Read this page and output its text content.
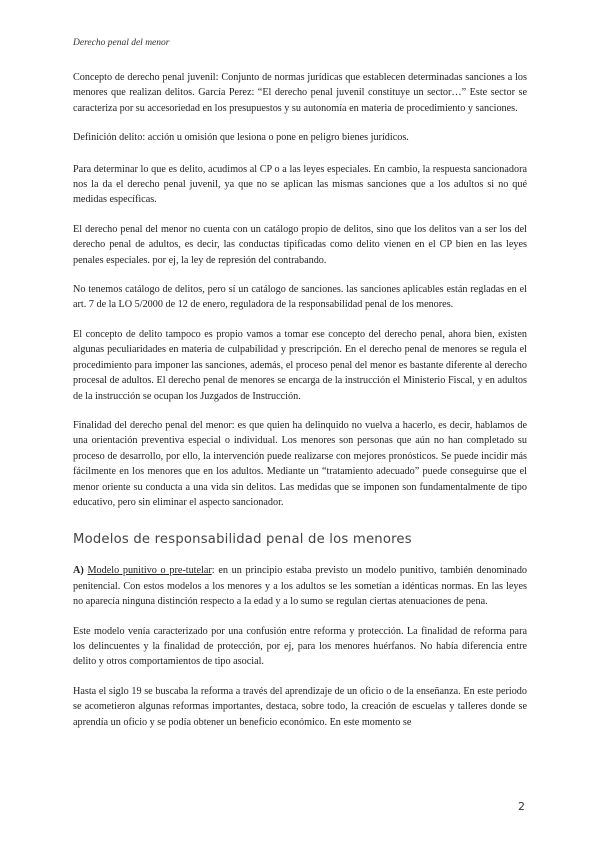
Derecho penal del menor

Concepto de derecho penal juvenil: Conjunto de normas jurídicas que establecen determinadas sanciones a los menores que realizan delitos. García Perez: “El derecho penal juvenil constituye un sector…” Este sector se caracteriza por su accesoriedad en los presupuestos y su autonomía en materia de procedimiento y sanciones.

Definición delito: acción u omisión que lesiona o pone en peligro bienes jurídicos.

Para determinar lo que es delito, acudimos al CP o a las leyes especiales. En cambio, la respuesta sancionadora nos la da el derecho penal juvenil, ya que no se aplican las mismas sanciones que a los adultos si no qué medidas específicas.

El derecho penal del menor no cuenta con un catálogo propio de delitos, sino que los delitos van a ser los del derecho penal de adultos, es decir, las conductas tipificadas como delito vienen en el CP bien en las leyes penales especiales. por ej, la ley de represión del contrabando.

No tenemos catálogo de delitos, pero sí un catálogo de sanciones. las sanciones aplicables están regladas en el art. 7 de la LO 5/2000 de 12 de enero, reguladora de la responsabilidad penal de los menores.

El concepto de delito tampoco es propio vamos a tomar ese concepto del derecho penal, ahora bien, existen algunas peculiaridades en materia de culpabilidad y prescripción. En el derecho penal de menores se regula el procedimiento para imponer las sanciones, además, el proceso penal del menor es bastante diferente al derecho procesal de adultos. El derecho penal de menores se encarga de la instrucción el Ministerio Fiscal, y en adultos de la instrucción se ocupan los Juzgados de Instrucción.

Finalidad del derecho penal del menor: es que quien ha delinquido no vuelva a hacerlo, es decir, hablamos de una orientación preventiva especial o individual. Los menores son personas que aún no han completado su proceso de desarrollo, por ello, la intervención puede realizarse con mejores pronósticos. Se puede incidir más fácilmente en los menores que en los adultos. Mediante un “tratamiento adecuado” puede conseguirse que el menor oriente su conducta a una vida sin delitos. Las medidas que se imponen son fundamentalmente de tipo educativo, pero sin eliminar el aspecto sancionador.

Modelos de responsabilidad penal de los menores

A) Modelo punitivo o pre-tutelar: en un principio estaba previsto un modelo punitivo, también denominado penitencial. Con estos modelos a los menores y a los adultos se les sometían a idénticas normas. En las leyes no aparecía ninguna distinción respecto a la edad y a lo sumo se regulan ciertas atenuaciones de pena.

Este modelo venía caracterizado por una confusión entre reforma y protección. La finalidad de reforma para los delincuentes y la finalidad de protección, por ej, para los menores huérfanos. No había diferencia entre delito y otros comportamientos de tipo asocial.

Hasta el siglo 19 se buscaba la reforma a través del aprendizaje de un oficio o de la enseñanza. En este periodo se acometieron algunas reformas importantes, destaca, sobre todo, la creación de escuelas y talleres donde se aprendía un oficio y se podía obtener un beneficio económico. En este momento se

2
